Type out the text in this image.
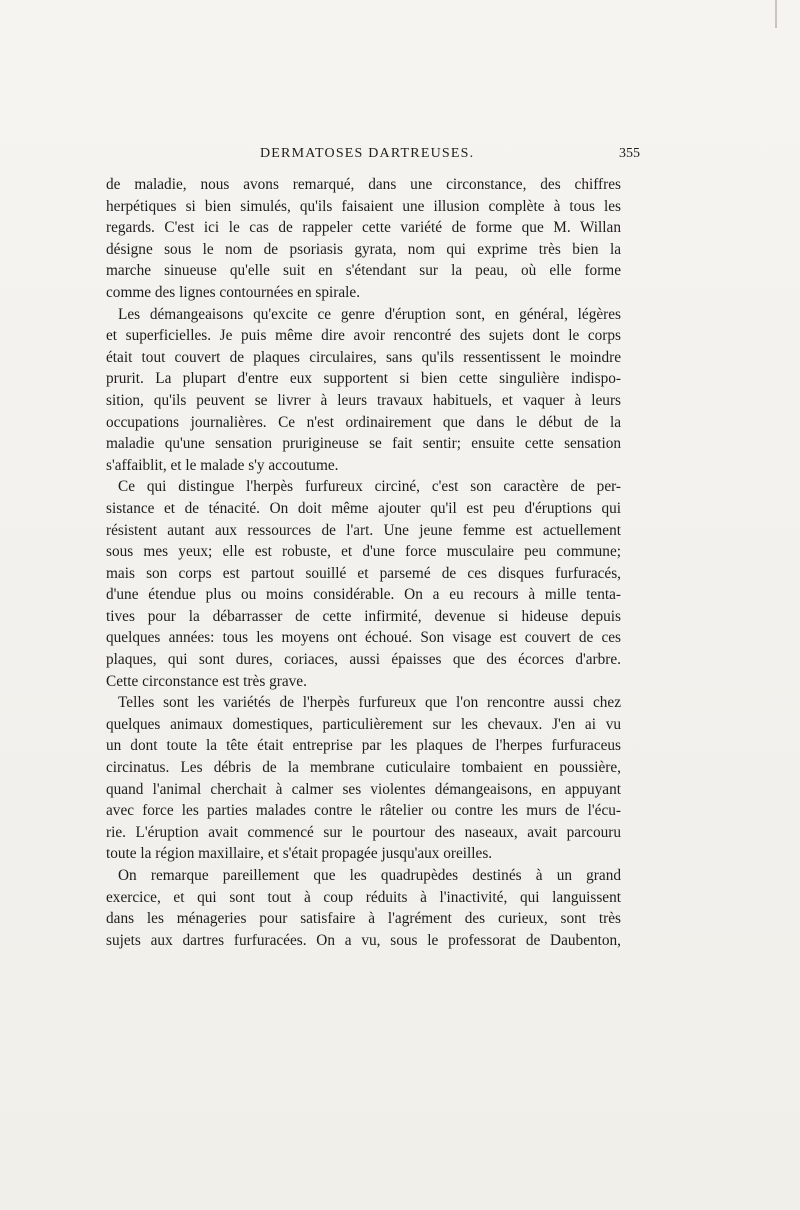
DERMATOSES DARTREUSES.	355
de maladie, nous avons remarqué, dans une circonstance, des chiffres
herpétiques si bien simulés, qu'ils faisaient une illusion complète à tous les
regards. C'est ici le cas de rappeler cette variété de forme que M. Willan
désigne sous le nom de psoriasis gyrata, nom qui exprime très bien la
marche sinueuse qu'elle suit en s'étendant sur la peau, où elle forme
comme des lignes contournées en spirale.
Les démangeaisons qu'excite ce genre d'éruption sont, en général, légères
et superficielles. Je puis même dire avoir rencontré des sujets dont le corps
était tout couvert de plaques circulaires, sans qu'ils ressentissent le moindre
prurit. La plupart d'entre eux supportent si bien cette singulière indispo-
sition, qu'ils peuvent se livrer à leurs travaux habituels, et vaquer à leurs
occupations journalières. Ce n'est ordinairement que dans le début de la
maladie qu'une sensation prurigineuse se fait sentir; ensuite cette sensation
s'affaiblit, et le malade s'y accoutume.
Ce qui distingue l'herpès furfureux circiné, c'est son caractère de per-
sistance et de ténacité. On doit même ajouter qu'il est peu d'éruptions qui
résistent autant aux ressources de l'art. Une jeune femme est actuellement
sous mes yeux; elle est robuste, et d'une force musculaire peu commune;
mais son corps est partout souillé et parsemé de ces disques furfuracés,
d'une étendue plus ou moins considérable. On a eu recours à mille tenta-
tives pour la débarrasser de cette infirmité, devenue si hideuse depuis
quelques années: tous les moyens ont échoué. Son visage est couvert de ces
plaques, qui sont dures, coriaces, aussi épaisses que des écorces d'arbre.
Cette circonstance est très grave.
Telles sont les variétés de l'herpès furfureux que l'on rencontre aussi chez
quelques animaux domestiques, particulièrement sur les chevaux. J'en ai vu
un dont toute la tête était entreprise par les plaques de l'herpes furfuraceus
circinatus. Les débris de la membrane cuticulaire tombaient en poussière,
quand l'animal cherchait à calmer ses violentes démangeaisons, en appuyant
avec force les parties malades contre le râtelier ou contre les murs de l'écu-
rie. L'éruption avait commencé sur le pourtour des naseaux, avait parcouru
toute la région maxillaire, et s'était propagée jusqu'aux oreilles.
On remarque pareillement que les quadrupèdes destinés à un grand
exercice, et qui sont tout à coup réduits à l'inactivité, qui languissent
dans les ménageries pour satisfaire à l'agrément des curieux, sont très
sujets aux dartres furfuracées. On a vu, sous le professorat de Daubenton,
